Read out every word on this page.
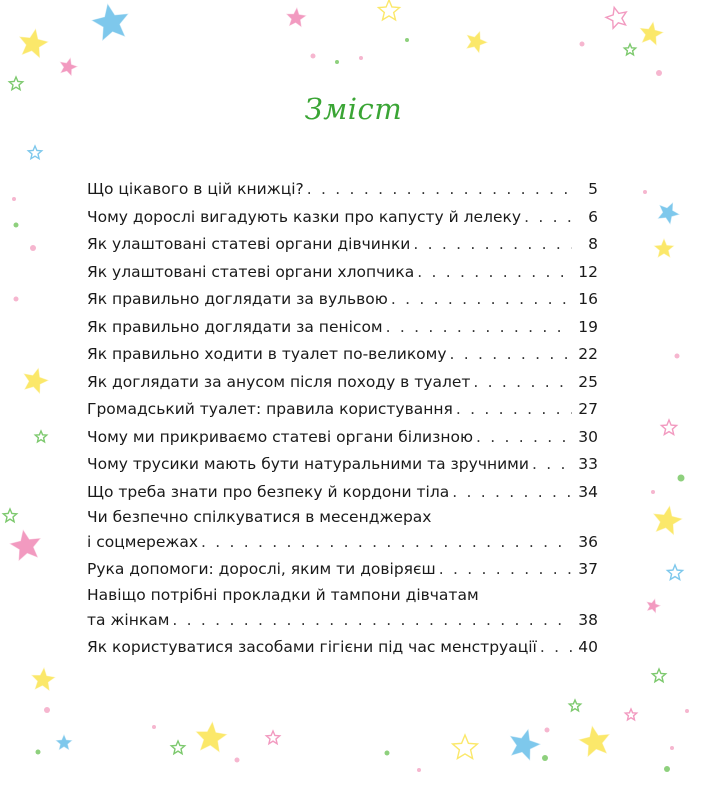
Зміст
Що цікавого в цій книжці? . . .	5
Чому дорослі вигадують казки про капусту й лелеку . . .	6
Як улаштовані статеві органи дівчинки . . .	8
Як улаштовані статеві органи хлопчика . . .	12
Як правильно доглядати за вульвою . . .	16
Як правильно доглядати за пенісом . . .	19
Як правильно ходити в туалет по-великому . . .	22
Як доглядати за анусом після походу в туалет . . .	25
Громадський туалет: правила користування . . .	27
Чому ми прикриваємо статеві органи білизною . . .	30
Чому трусики мають бути натуральними та зручними . . .	33
Що треба знати про безпеку й кордони тіла . . .	34
Чи безпечно спілкуватися в месенджерах
і соцмережах . . .	36
Рука допомоги: дорослі, яким ти довіряєш . . .	37
Навіщо потрібні прокладки й тампони дівчатам
та жінкам . . .	38
Як користуватися засобами гігієни під час менструації . . .	40
